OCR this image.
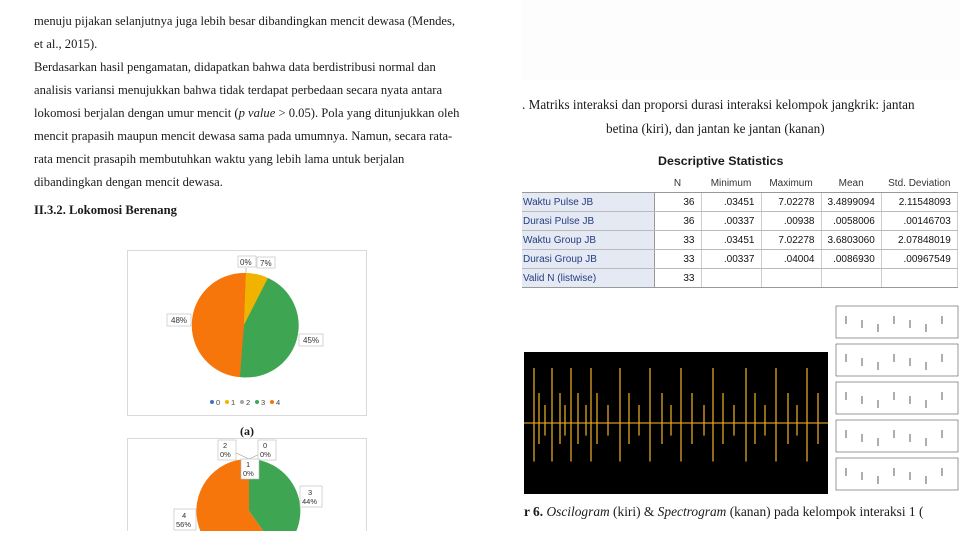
menuju pijakan selanjutnya juga lebih besar dibandingkan mencit dewasa (Mendes,

et al., 2015).

Berdasarkan hasil pengamatan, didapatkan bahwa data berdistribusi normal dan

analisis variansi menujukkan bahwa tidak terdapat perbedaan secara nyata antara

lokomosi berjalan dengan umur mencit (p value > 0.05). Pola yang ditunjukkan oleh

mencit prapasih maupun mencit dewasa sama pada umumnya. Namun, secara rata-

rata mencit prasapih membutuhkan waktu yang lebih lama untuk berjalan

dibandingkan dengan mencit dewasa.

II.3.2. Lokomosi Berenang
0% 7%
45%
48%
0 1 2 3 4
(a)
2
0%
0
0%
1
0%
3
44%
4
56%
. Matriks interaksi dan proporsi durasi interaksi kelompok jangkrik: jantan
betina (kiri), dan jantan ke jantan (kanan)
Descriptive Statistics
	N	Minimum	Maximum	Mean	Std. Deviation
Waktu Pulse JB	36	.03451	7.02278	3.4899094	2.11548093
Durasi Pulse JB	36	.00337	.00938	.0058006	.00146703
Waktu Group JB	33	.03451	7.02278	3.6803060	2.07848019
Durasi Group JB	33	.00337	.04004	.0086930	.00967549
Valid N (listwise)	33				
r 6. Oscilogram (kiri) & Spectrogram (kanan) pada kelompok interaksi 1 (
